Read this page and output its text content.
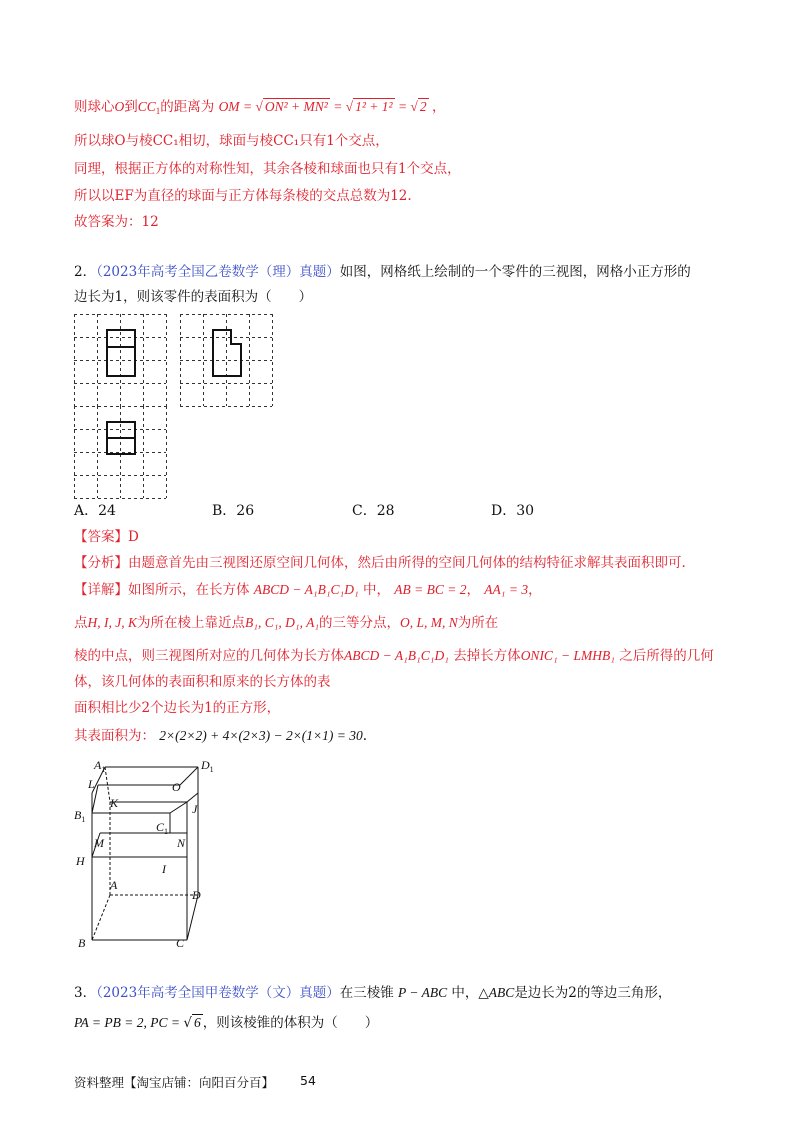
则球心O到$CC_1$的距离为 OM = √ ON² + MN² = √ 1² + 1² = √ 2 ，
所以球O与棱CC₁相切，球面与棱CC₁只有1个交点，
同理，根据正方体的对称性知，其余各棱和球面也只有1个交点，
所以以EF为直径的球面与正方体每条棱的交点总数为12.
故答案为：12
2．（2023年高考全国乙卷数学（理）真题）如图，网格纸上绘制的一个零件的三视图，网格小正方形的
边长为1，则该零件的表面积为（　　）
A．24	B．26	C．28	D．30
【答案】D
【分析】由题意首先由三视图还原空间几何体，然后由所得的空间几何体的结构特征求解其表面积即可.
【详解】如图所示，在长方体 ABCD − A₁B₁C₁D₁ 中， AB = BC = 2， AA₁ = 3，
点H, I, J, K为所在棱上靠近点B₁, C₁, D₁, A₁的三等分点，O, L, M, N为所在
棱的中点，则三视图所对应的几何体为长方体ABCD − A₁B₁C₁D₁ 去掉长方体ONIC₁ − LMHB₁ 之后所得的几何
体，该几何体的表面积和原来的长方体的表
面积相比少2个边长为1的正方形，
其表面积为： 2×(2×2) + 4×(2×3) − 2×(1×1) = 30.
$A_1$	$D_1$
L	O
K	J
$B_1$
$C_1$
M	N
H
I
A
D
B	C
3．（2023年高考全国甲卷数学（文）真题）在三棱锥 P − ABC 中，△ABC是边长为2的等边三角形，
PA = PB = 2, PC = √ 6 ，则该棱锥的体积为（　　）
资料整理【淘宝店铺：向阳百分百】 54
